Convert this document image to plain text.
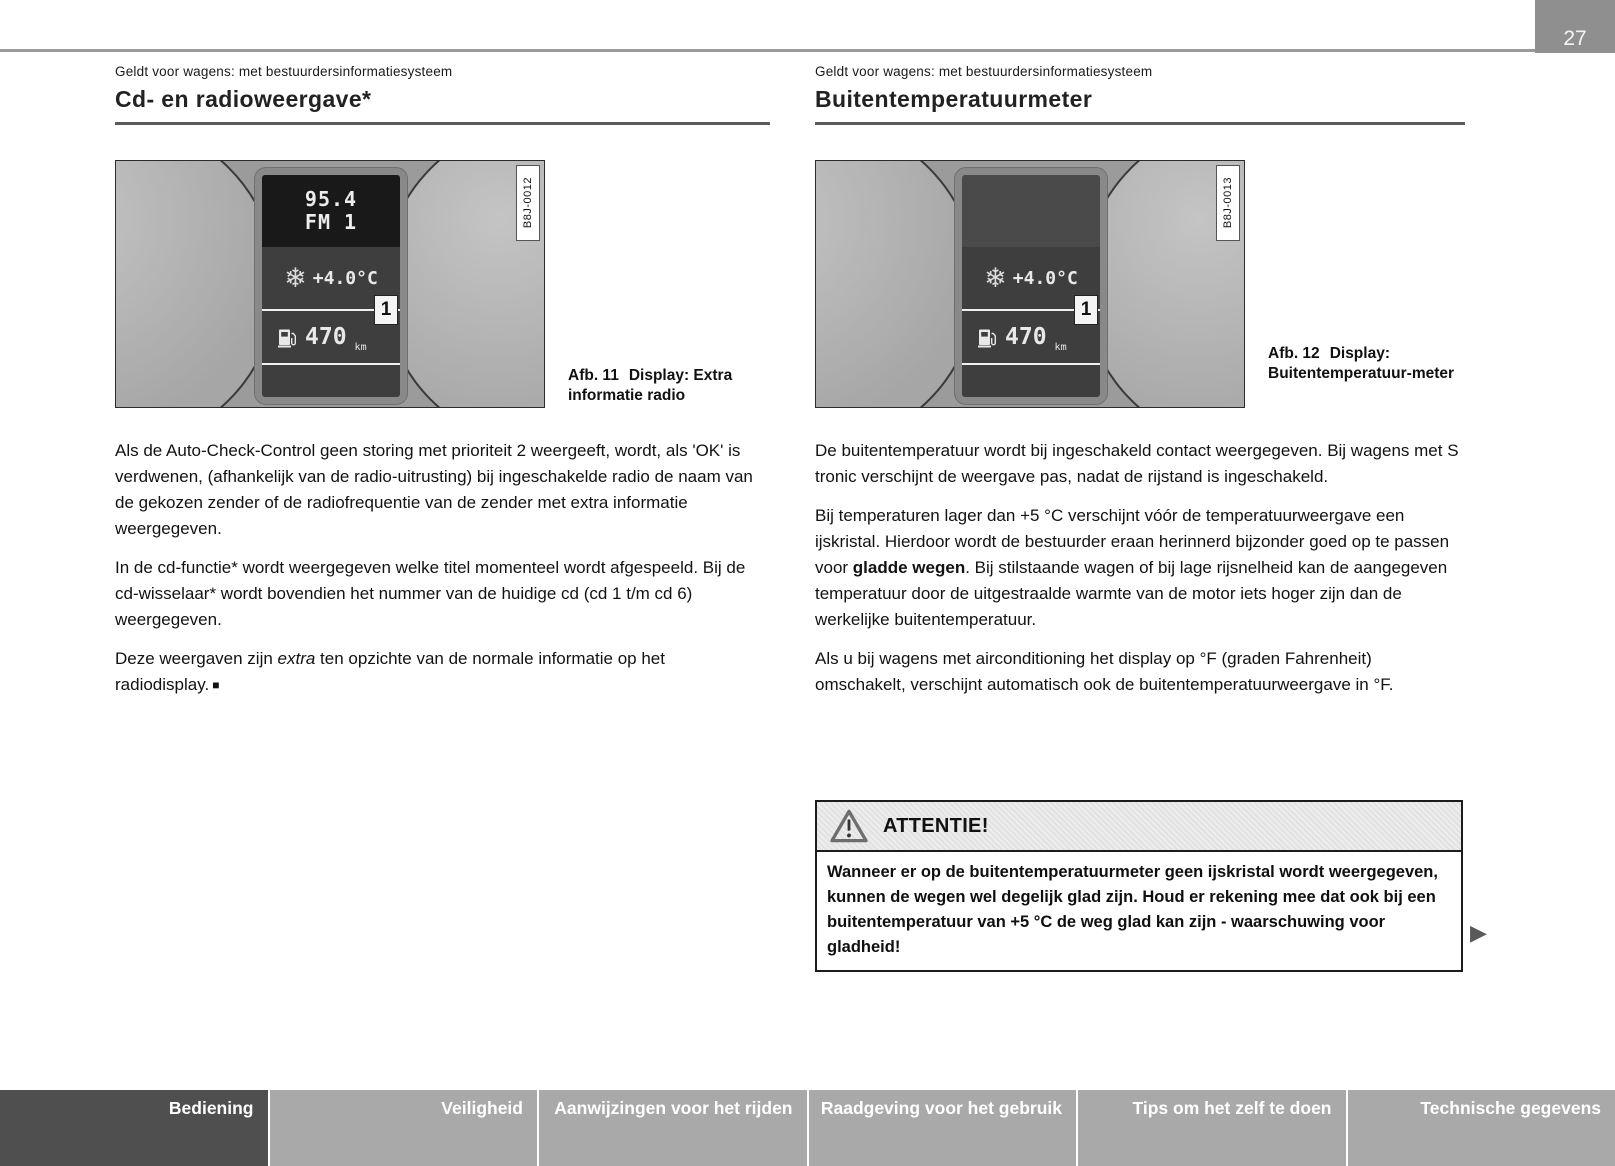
27
Geldt voor wagens: met bestuurdersinformatiesysteem
Cd- en radioweergave*
Geldt voor wagens: met bestuurdersinformatiesysteem
Buitentemperatuurmeter
95.4
FM 1
❄ +4.0°C
470 km
1
B8J-0012
Afb. 11 Display: Extra informatie radio
❄ +4.0°C
470 km
1
B8J-0013
Afb. 12 Display: Buitentemperatuur-meter

Als de Auto-Check-Control geen storing met prioriteit 2 weergeeft, wordt, als 'OK' is verdwenen, (afhankelijk van de radio-uitrusting) bij ingeschakelde radio de naam van de gekozen zender of de radiofrequentie van de zender met extra informatie weergegeven.

In de cd-functie* wordt weergegeven welke titel momenteel wordt afgespeeld. Bij de cd-wisselaar* wordt bovendien het nummer van de huidige cd (cd 1 t/m cd 6) weergegeven.

Deze weergaven zijn extra ten opzichte van de normale informatie op het radiodisplay. ■

De buitentemperatuur wordt bij ingeschakeld contact weergegeven. Bij wagens met S tronic verschijnt de weergave pas, nadat de rijstand is ingeschakeld.

Bij temperaturen lager dan +5 °C verschijnt vóór de temperatuurweergave een ijskristal. Hierdoor wordt de bestuurder eraan herinnerd bijzonder goed op te passen voor gladde wegen. Bij stilstaande wagen of bij lage rijsnelheid kan de aangegeven temperatuur door de uitgestraalde warmte van de motor iets hoger zijn dan de werkelijke buitentemperatuur.

Als u bij wagens met airconditioning het display op °F (graden Fahrenheit) omschakelt, verschijnt automatisch ook de buitentemperatuurweergave in °F.

ATTENTIE!
Wanneer er op de buitentemperatuurmeter geen ijskristal wordt weergegeven, kunnen de wegen wel degelijk glad zijn. Houd er rekening mee dat ook bij een buitentemperatuur van +5 °C de weg glad kan zijn - waarschuwing voor gladheid!
▶
Bediening	Veiligheid	Aanwijzingen voor het rijden	Raadgeving voor het gebruik	Tips om het zelf te doen	Technische gegevens
